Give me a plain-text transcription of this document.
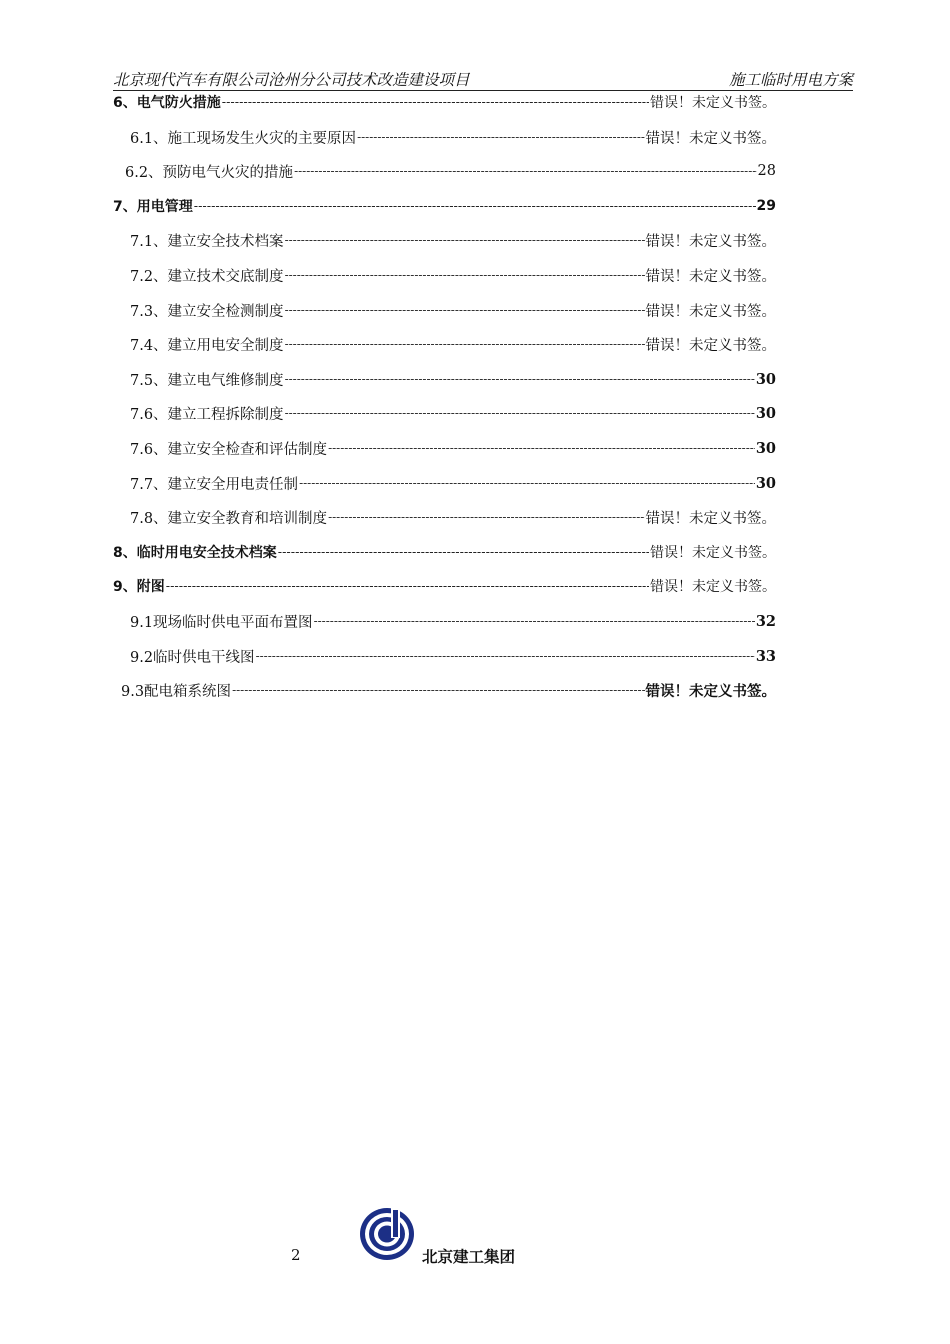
北京现代汽车有限公司沧州分公司技术改造建设项目	施工临时用电方案
6、电气防火措施 -----	错误！未定义书签。
6.1、施工现场发生火灾的主要原因 -----	错误！未定义书签。
6.2、预防电气火灾的措施 -----	28
7、用电管理 -----	29
7.1、建立安全技术档案 -----	错误！未定义书签。
7.2、建立技术交底制度 -----	错误！未定义书签。
7.3、建立安全检测制度 -----	错误！未定义书签。
7.4、建立用电安全制度 -----	错误！未定义书签。
7.5、建立电气维修制度 -----	30
7.6、建立工程拆除制度 -----	30
7.6、建立安全检查和评估制度 -----	30
7.7、建立安全用电责任制 -----	30
7.8、建立安全教育和培训制度 -----	错误！未定义书签。
8、临时用电安全技术档案 -----	错误！未定义书签。
9、附图 -----	错误！未定义书签。
9.1现场临时供电平面布置图 -----	32
9.2临时供电干线图 -----	33
9.3配电箱系统图 -----	错误！未定义书签。
2	北京建工集团
